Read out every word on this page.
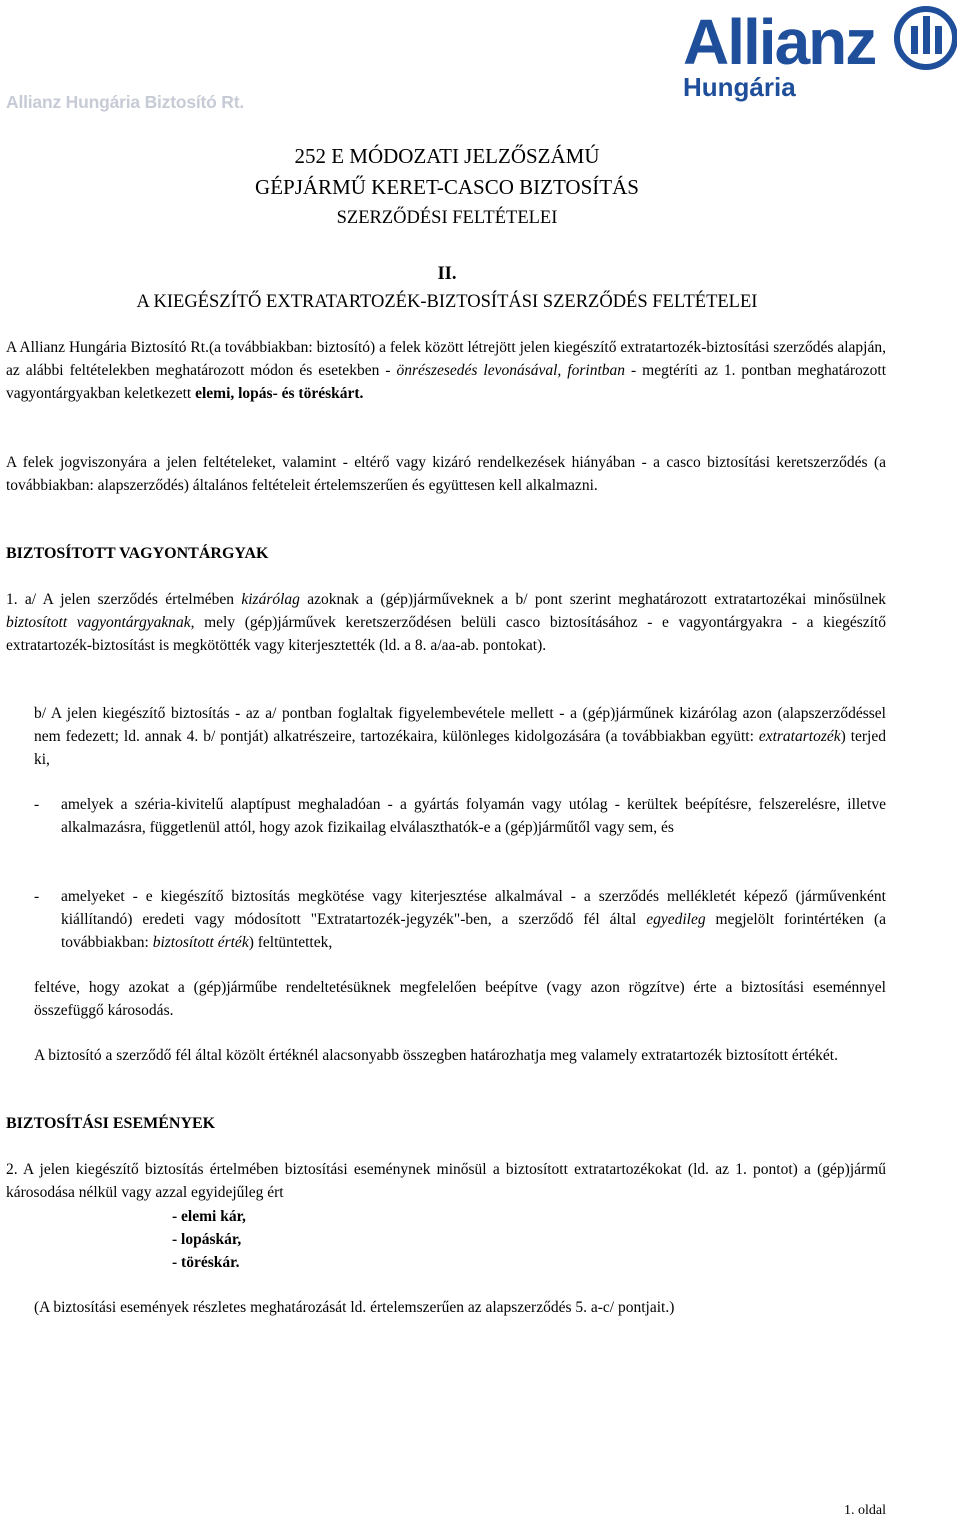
Allianz Hungária Biztosító Rt.
Allianz
Hungária
252 E MÓDOZATI JELZŐSZÁMÚ
GÉPJÁRMŰ KERET-CASCO BIZTOSÍTÁS
SZERZŐDÉSI FELTÉTELEI
II.
A KIEGÉSZÍTŐ EXTRATARTOZÉK-BIZTOSÍTÁSI SZERZŐDÉS FELTÉTELEI
A Allianz Hungária Biztosító Rt.(a továbbiakban: biztosító) a felek között létrejött jelen kiegészítő extratartozék-biztosítási szerződés alapján, az alábbi feltételekben meghatározott módon és esetekben - önrészesedés levonásával, forintban - megtéríti az 1. pontban meghatározott vagyontárgyakban keletkezett elemi, lopás- és töréskárt.
A felek jogviszonyára a jelen feltételeket, valamint - eltérő vagy kizáró rendelkezések hiányában - a casco biztosítási keretszerződés (a továbbiakban: alapszerződés) általános feltételeit értelemszerűen és együttesen kell alkalmazni.
BIZTOSÍTOTT VAGYONTÁRGYAK
1. a/ A jelen szerződés értelmében kizárólag azoknak a (gép)járműveknek a b/ pont szerint meghatározott extratartozékai minősülnek biztosított vagyontárgyaknak, mely (gép)járművek keretszerződésen belüli casco biztosításához - e vagyontárgyakra - a kiegészítő extratartozék-biztosítást is megkötötték vagy kiterjesztették (ld. a 8. a/aa-ab. pontokat).
b/ A jelen kiegészítő biztosítás - az a/ pontban foglaltak figyelembevétele mellett - a (gép)járműnek kizárólag azon (alapszerződéssel nem fedezett; ld. annak 4. b/ pontját) alkatrészeire, tartozékaira, különleges kidolgozására (a továbbiakban együtt: extratartozék) terjed ki,
- amelyek a széria-kivitelű alaptípust meghaladóan - a gyártás folyamán vagy utólag - kerültek beépítésre, felszerelésre, illetve alkalmazásra, függetlenül attól, hogy azok fizikailag elválaszthatók-e a (gép)járműtől vagy sem, és
- amelyeket - e kiegészítő biztosítás megkötése vagy kiterjesztése alkalmával - a szerződés mellékletét képező (járművenként kiállítandó) eredeti vagy módosított "Extratartozék-jegyzék"-ben, a szerződő fél által egyedileg megjelölt forintértéken (a továbbiakban: biztosított érték) feltüntettek,
feltéve, hogy azokat a (gép)járműbe rendeltetésüknek megfelelően beépítve (vagy azon rögzítve) érte a biztosítási eseménnyel összefüggő károsodás.
A biztosító a szerződő fél által közölt értéknél alacsonyabb összegben határozhatja meg valamely extratartozék biztosított értékét.
BIZTOSÍTÁSI ESEMÉNYEK
2. A jelen kiegészítő biztosítás értelmében biztosítási eseménynek minősül a biztosított extratartozékokat (ld. az 1. pontot) a (gép)jármű károsodása nélkül vagy azzal egyidejűleg ért
- elemi kár,
- lopáskár,
- töréskár.
(A biztosítási események részletes meghatározását ld. értelemszerűen az alapszerződés 5. a-c/ pontjait.)
1. oldal
